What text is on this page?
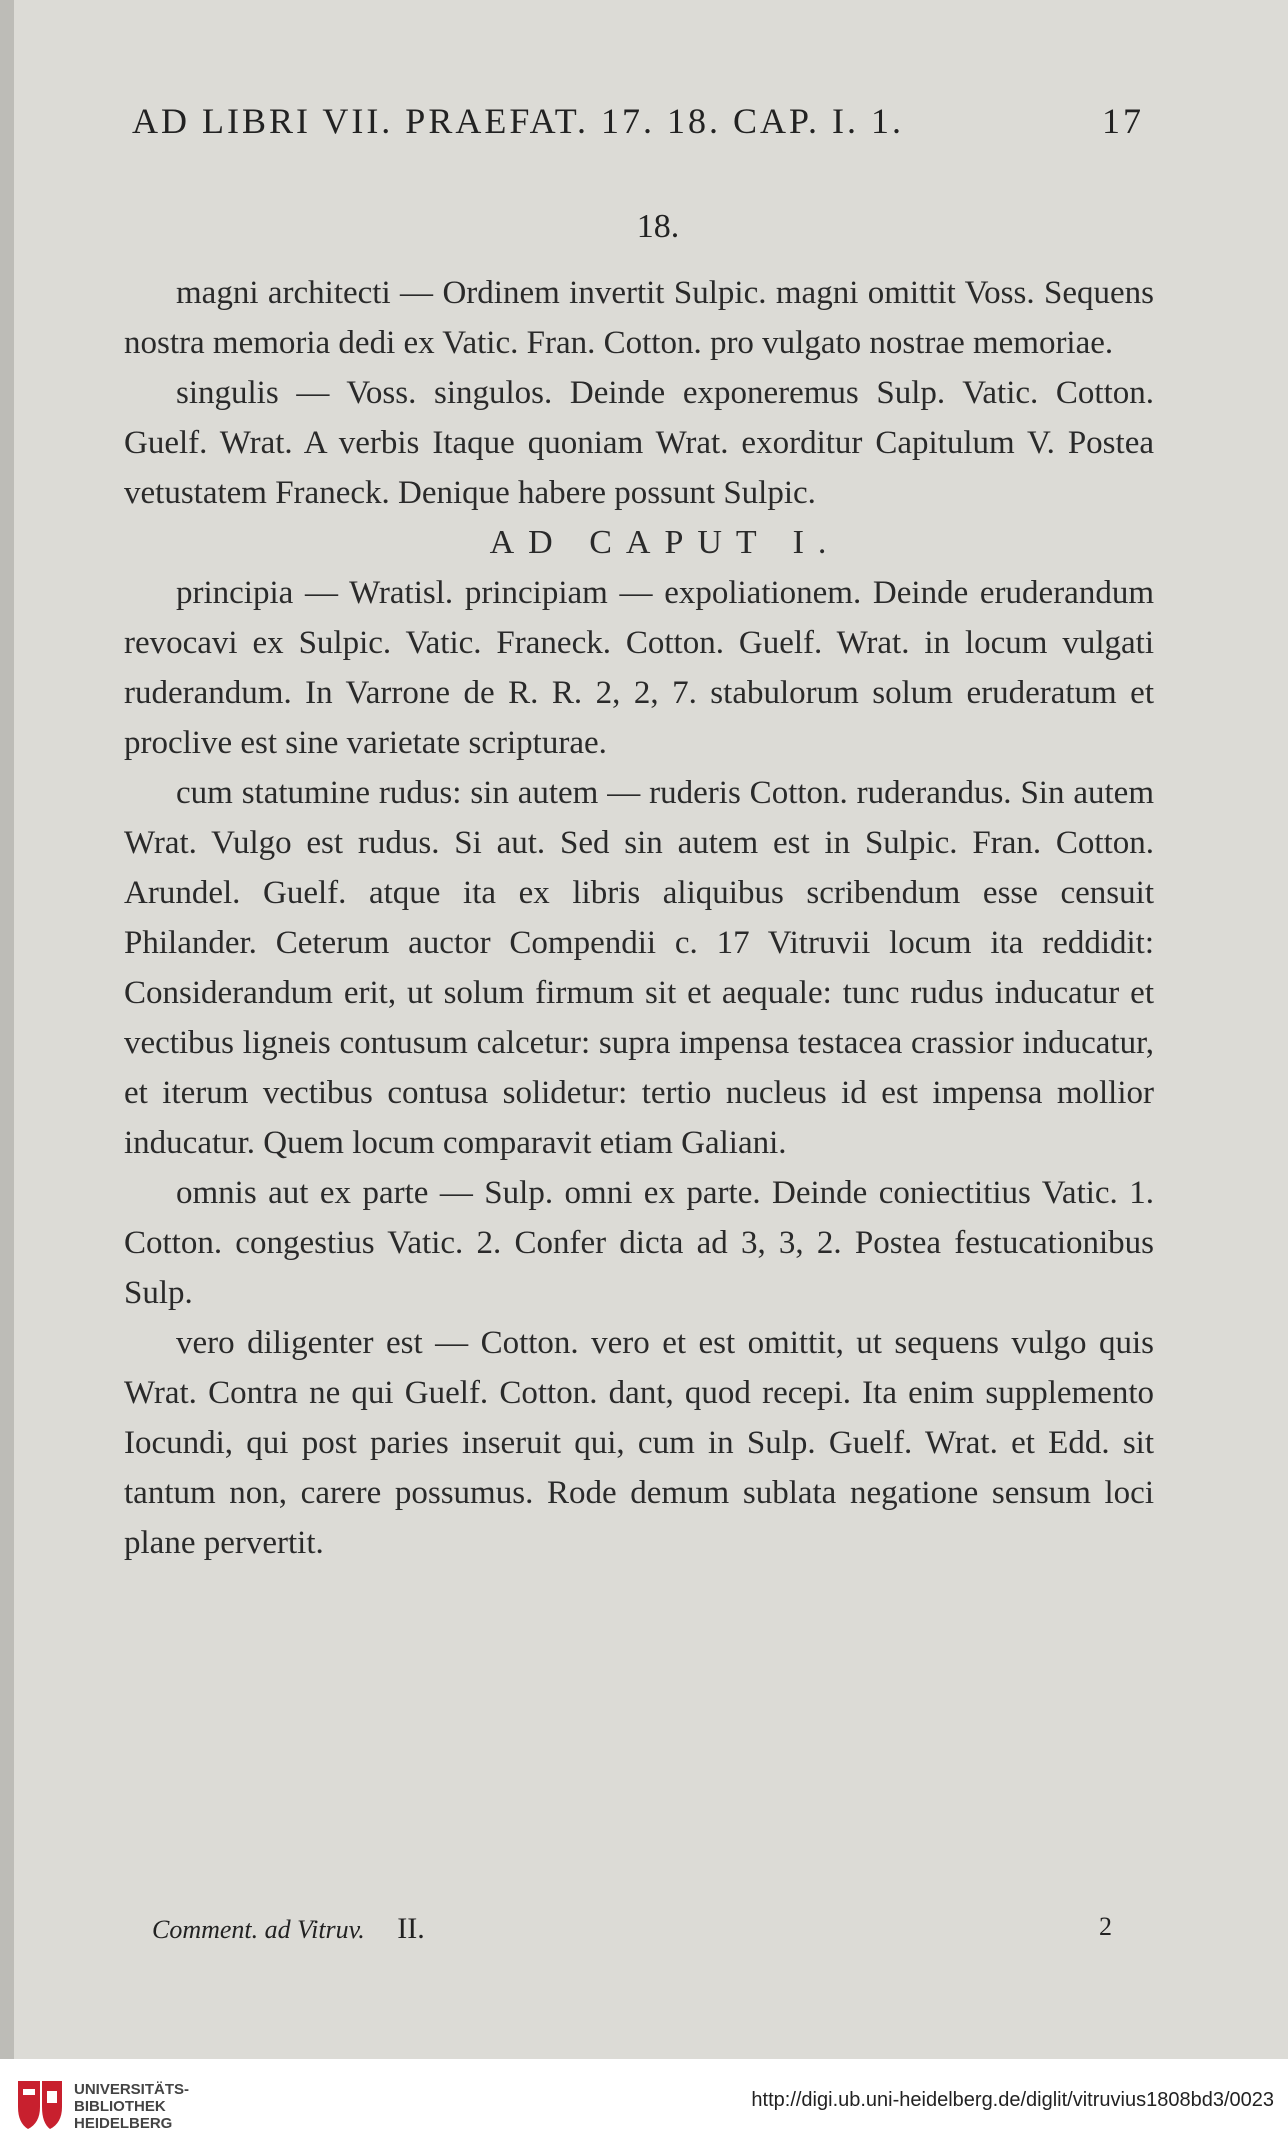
AD LIBRI VII. PRAEFAT. 17. 18. CAP. I. 1.	17
18.

magni architecti — Ordinem invertit Sulpic. magni omittit Voss. Sequens nostra memoria dedi ex Vatic. Fran. Cotton. pro vulgato nostrae memoriae.

singulis — Voss. singulos. Deinde exponeremus Sulp. Vatic. Cotton. Guelf. Wrat. A verbis Itaque quoniam Wrat. exorditur Capitulum V. Postea vetustatem Franeck. Denique habere possunt Sulpic.

AD CAPUT I.

principia — Wratisl. principiam — expoliationem. Deinde eruderandum revocavi ex Sulpic. Vatic. Franeck. Cotton. Guelf. Wrat. in locum vulgati ruderandum. In Varrone de R. R. 2, 2, 7. stabulorum solum eruderatum et proclive est sine varietate scripturae.

cum statumine rudus: sin autem — ruderis Cotton. ruderandus. Sin autem Wrat. Vulgo est rudus. Si aut. Sed sin autem est in Sulpic. Fran. Cotton. Arundel. Guelf. atque ita ex libris aliquibus scribendum esse censuit Philander. Ceterum auctor Compendii c. 17 Vitruvii locum ita reddidit: Considerandum erit, ut solum firmum sit et aequale: tunc rudus inducatur et vectibus ligneis contusum calcetur: supra impensa testacea crassior inducatur, et iterum vectibus contusa solidetur: tertio nucleus id est impensa mollior inducatur. Quem locum comparavit etiam Galiani.

omnis aut ex parte — Sulp. omni ex parte. Deinde coniectitius Vatic. 1. Cotton. congestius Vatic. 2. Confer dicta ad 3, 3, 2. Postea festucationibus Sulp.

vero diligenter est — Cotton. vero et est omittit, ut sequens vulgo quis Wrat. Contra ne qui Guelf. Cotton. dant, quod recepi. Ita enim supplemento Iocundi, qui post paries inseruit qui, cum in Sulp. Guelf. Wrat. et Edd. sit tantum non, carere possumus. Rode demum sublata negatione sensum loci plane pervertit.

Comment. ad Vitruv. II.	2
UNIVERSITÄTS-
BIBLIOTHEK
HEIDELBERG
http://digi.ub.uni-heidelberg.de/diglit/vitruvius1808bd3/0023
